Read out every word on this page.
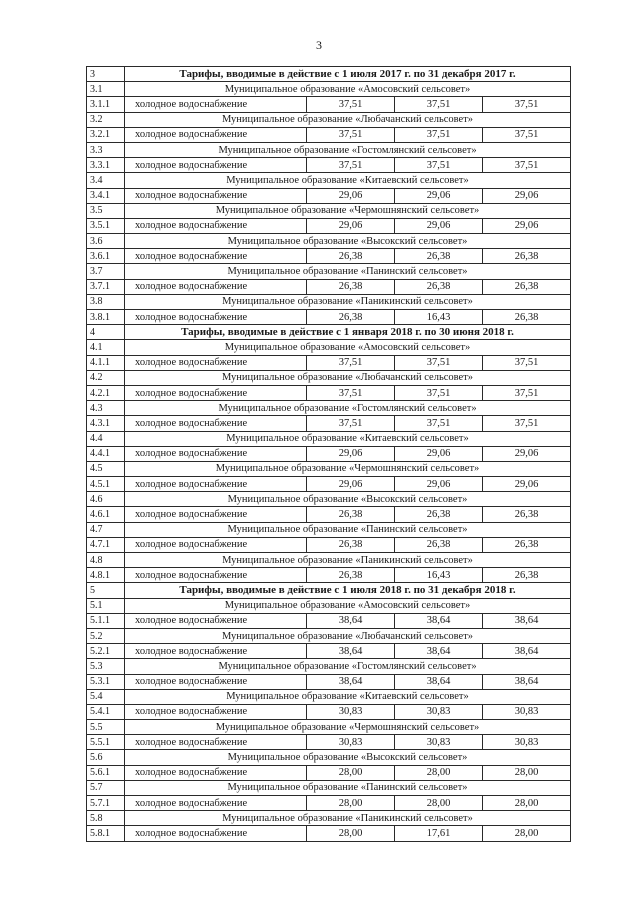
3
3	Тарифы, вводимые в действие с 1 июля 2017 г. по 31 декабря 2017 г.			
3.1	Муниципальное образование «Амосовский сельсовет»			
3.1.1	холодное водоснабжение	37,51	37,51	37,51
3.2	Муниципальное образование «Любачанский сельсовет»			
3.2.1	холодное водоснабжение	37,51	37,51	37,51
3.3	Муниципальное образование «Гостомлянский сельсовет»			
3.3.1	холодное водоснабжение	37,51	37,51	37,51
3.4	Муниципальное образование «Китаевский сельсовет»			
3.4.1	холодное водоснабжение	29,06	29,06	29,06
3.5	Муниципальное образование «Чермошнянский сельсовет»			
3.5.1	холодное водоснабжение	29,06	29,06	29,06
3.6	Муниципальное образование «Высокский сельсовет»			
3.6.1	холодное водоснабжение	26,38	26,38	26,38
3.7	Муниципальное образование «Панинский сельсовет»			
3.7.1	холодное водоснабжение	26,38	26,38	26,38
3.8	Муниципальное образование «Паникинский сельсовет»			
3.8.1	холодное водоснабжение	26,38	16,43	26,38
4	Тарифы, вводимые в действие с 1 января 2018 г. по 30 июня 2018 г.			
4.1	Муниципальное образование «Амосовский сельсовет»			
4.1.1	холодное водоснабжение	37,51	37,51	37,51
4.2	Муниципальное образование «Любачанский сельсовет»			
4.2.1	холодное водоснабжение	37,51	37,51	37,51
4.3	Муниципальное образование «Гостомлянский сельсовет»			
4.3.1	холодное водоснабжение	37,51	37,51	37,51
4.4	Муниципальное образование «Китаевский сельсовет»			
4.4.1	холодное водоснабжение	29,06	29,06	29,06
4.5	Муниципальное образование «Чермошнянский сельсовет»			
4.5.1	холодное водоснабжение	29,06	29,06	29,06
4.6	Муниципальное образование «Высокский сельсовет»			
4.6.1	холодное водоснабжение	26,38	26,38	26,38
4.7	Муниципальное образование «Панинский сельсовет»			
4.7.1	холодное водоснабжение	26,38	26,38	26,38
4.8	Муниципальное образование «Паникинский сельсовет»			
4.8.1	холодное водоснабжение	26,38	16,43	26,38
5	Тарифы, вводимые в действие с 1 июля 2018 г. по 31 декабря 2018 г.			
5.1	Муниципальное образование «Амосовский сельсовет»			
5.1.1	холодное водоснабжение	38,64	38,64	38,64
5.2	Муниципальное образование «Любачанский сельсовет»			
5.2.1	холодное водоснабжение	38,64	38,64	38,64
5.3	Муниципальное образование «Гостомлянский сельсовет»			
5.3.1	холодное водоснабжение	38,64	38,64	38,64
5.4	Муниципальное образование «Китаевский сельсовет»			
5.4.1	холодное водоснабжение	30,83	30,83	30,83
5.5	Муниципальное образование «Чермошнянский сельсовет»			
5.5.1	холодное водоснабжение	30,83	30,83	30,83
5.6	Муниципальное образование «Высокский сельсовет»			
5.6.1	холодное водоснабжение	28,00	28,00	28,00
5.7	Муниципальное образование «Панинский сельсовет»			
5.7.1	холодное водоснабжение	28,00	28,00	28,00
5.8	Муниципальное образование «Паникинский сельсовет»			
5.8.1	холодное водоснабжение	28,00	17,61	28,00
